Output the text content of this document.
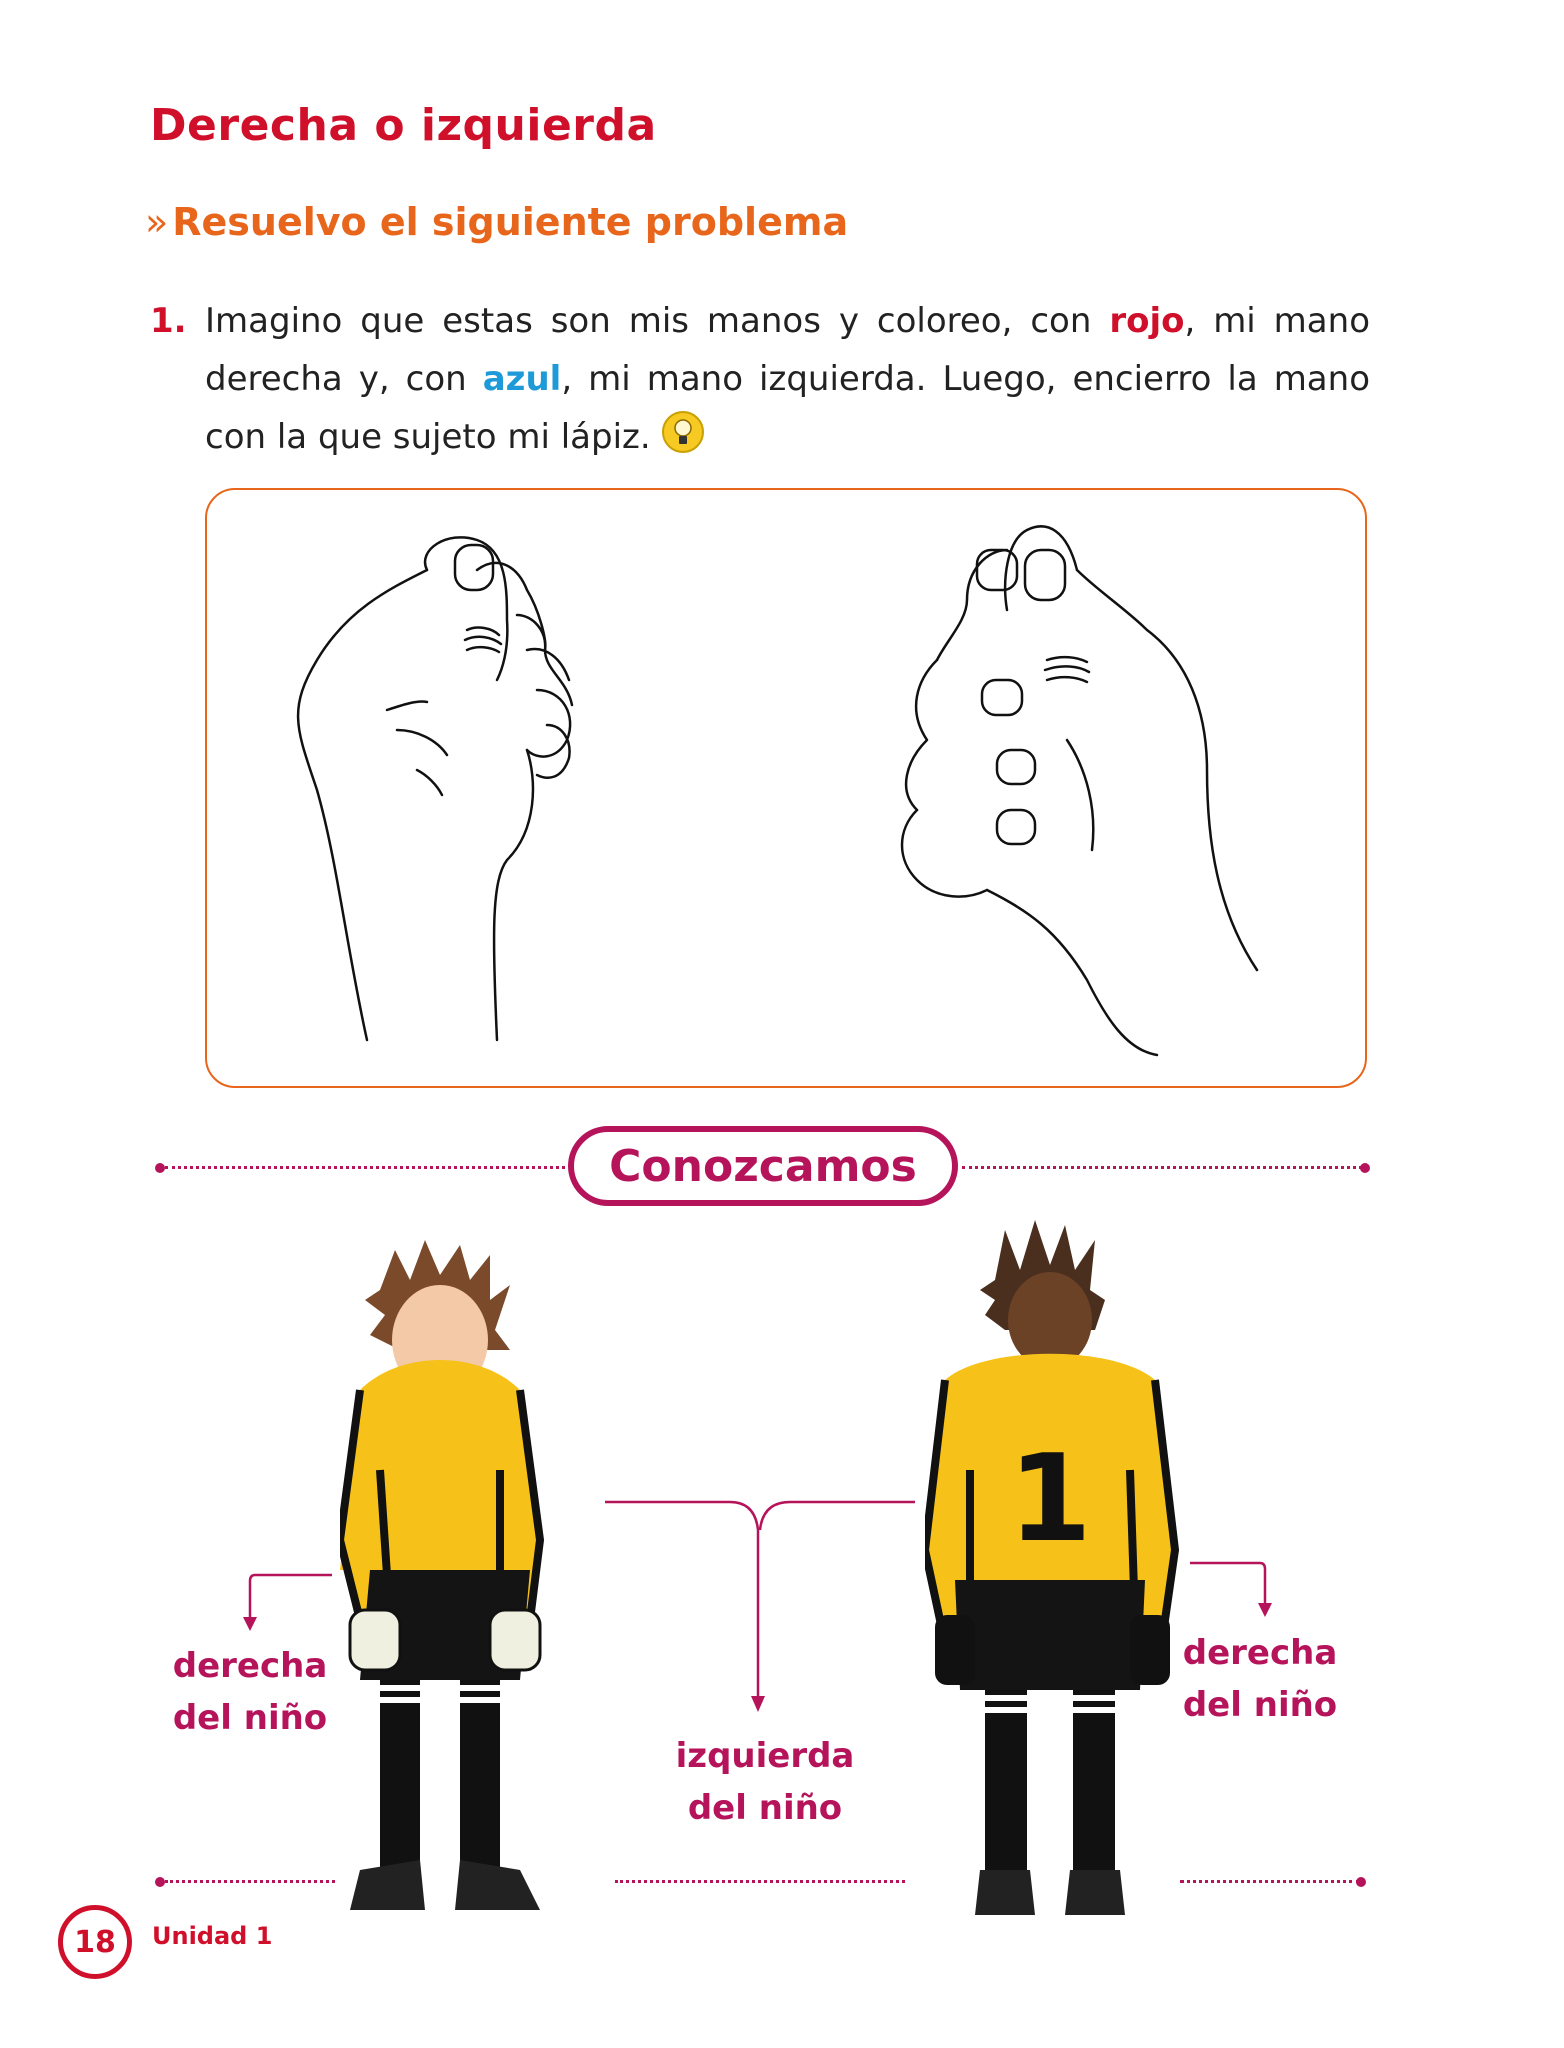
Derecha o izquierda
» Resuelvo el siguiente problema
1. Imagino que estas son mis manos y coloreo, con rojo, mi mano derecha y, con azul, mi mano izquierda. Luego, encierro la mano con la que sujeto mi lápiz.
Conozcamos
1
derecha
del niño
izquierda
del niño
derecha
del niño
18 Unidad 1
